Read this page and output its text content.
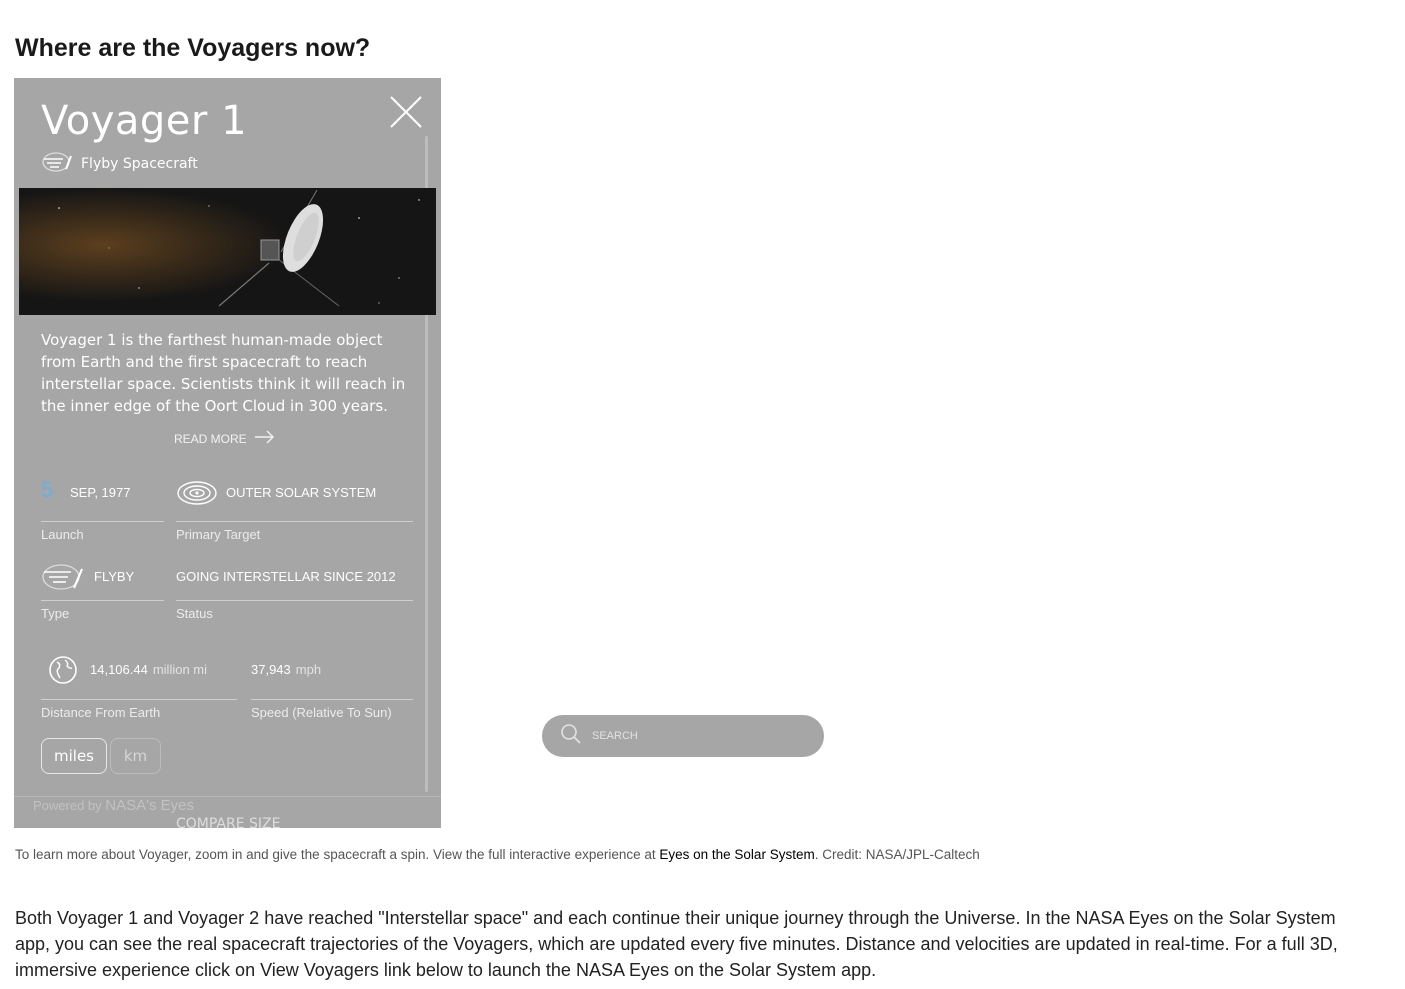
Where are the Voyagers now?
Voyager 1
Flyby Spacecraft

Voyager 1 is the farthest human-made object from Earth and the first spacecraft to reach interstellar space. Scientists think it will reach in the inner edge of the Oort Cloud in 300 years.

READ MORE
5 SEP, 1977
Launch
OUTER SOLAR SYSTEM
Primary Target
FLYBY
Type
GOING INTERSTELLAR SINCE 2012
Status
14,106.44 million mi
Distance From Earth
37,943 mph
Speed (Relative To Sun)
miles	km
Powered by NASA's Eyes
COMPARE SIZE
SEARCH
To learn more about Voyager, zoom in and give the spacecraft a spin. View the full interactive experience at Eyes on the Solar System. Credit: NASA/JPL-Caltech

Both Voyager 1 and Voyager 2 have reached "Interstellar space" and each continue their unique journey through the Universe. In the NASA Eyes on the Solar System app, you can see the real spacecraft trajectories of the Voyagers, which are updated every five minutes. Distance and velocities are updated in real-time. For a full 3D, immersive experience click on View Voyagers link below to launch the NASA Eyes on the Solar System app.
